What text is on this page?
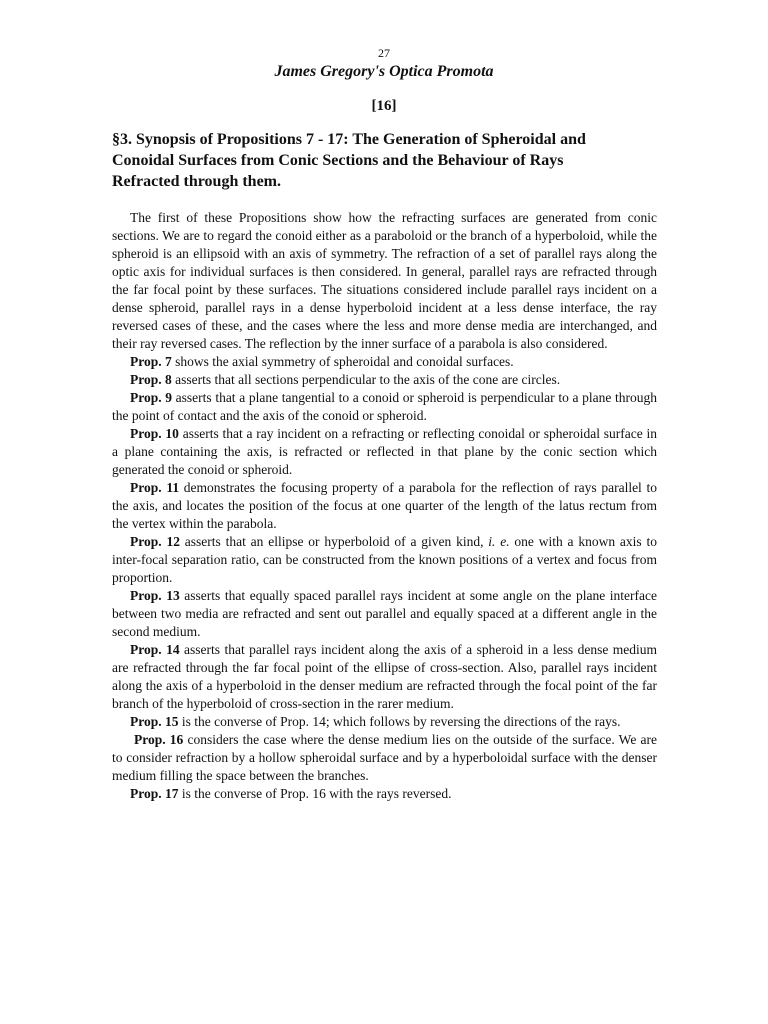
27
James Gregory's Optica Promota
[16]
§3. Synopsis of Propositions 7 - 17: The Generation of Spheroidal and
Conoidal Surfaces from Conic Sections and the Behaviour of Rays
Refracted through them.

The first of these Propositions show how the refracting surfaces are generated from conic sections. We are to regard the conoid either as a paraboloid or the branch of a hyperboloid, while the spheroid is an ellipsoid with an axis of symmetry. The refraction of a set of parallel rays along the optic axis for individual surfaces is then considered. In general, parallel rays are refracted through the far focal point by these surfaces. The situations considered include parallel rays incident on a dense spheroid, parallel rays in a dense hyperboloid incident at a less dense interface, the ray reversed cases of these, and the cases where the less and more dense media are interchanged, and their ray reversed cases. The reflection by the inner surface of a parabola is also considered.

Prop. 7 shows the axial symmetry of spheroidal and conoidal surfaces.

Prop. 8 asserts that all sections perpendicular to the axis of the cone are circles.

Prop. 9 asserts that a plane tangential to a conoid or spheroid is perpendicular to a plane through the point of contact and the axis of the conoid or spheroid.

Prop. 10 asserts that a ray incident on a refracting or reflecting conoidal or spheroidal surface in a plane containing the axis, is refracted or reflected in that plane by the conic section which generated the conoid or spheroid.

Prop. 11 demonstrates the focusing property of a parabola for the reflection of rays parallel to the axis, and locates the position of the focus at one quarter of the length of the latus rectum from the vertex within the parabola.

Prop. 12 asserts that an ellipse or hyperboloid of a given kind, i. e. one with a known axis to inter-focal separation ratio, can be constructed from the known positions of a vertex and focus from proportion.

Prop. 13 asserts that equally spaced parallel rays incident at some angle on the plane interface between two media are refracted and sent out parallel and equally spaced at a different angle in the second medium.

Prop. 14 asserts that parallel rays incident along the axis of a spheroid in a less dense medium are refracted through the far focal point of the ellipse of cross-section. Also, parallel rays incident along the axis of a hyperboloid in the denser medium are refracted through the focal point of the far branch of the hyperboloid of cross-section in the rarer medium.

Prop. 15 is the converse of Prop. 14; which follows by reversing the directions of the rays.

Prop. 16 considers the case where the dense medium lies on the outside of the surface. We are to consider refraction by a hollow spheroidal surface and by a hyperboloidal surface with the denser medium filling the space between the branches.

Prop. 17 is the converse of Prop. 16 with the rays reversed.
